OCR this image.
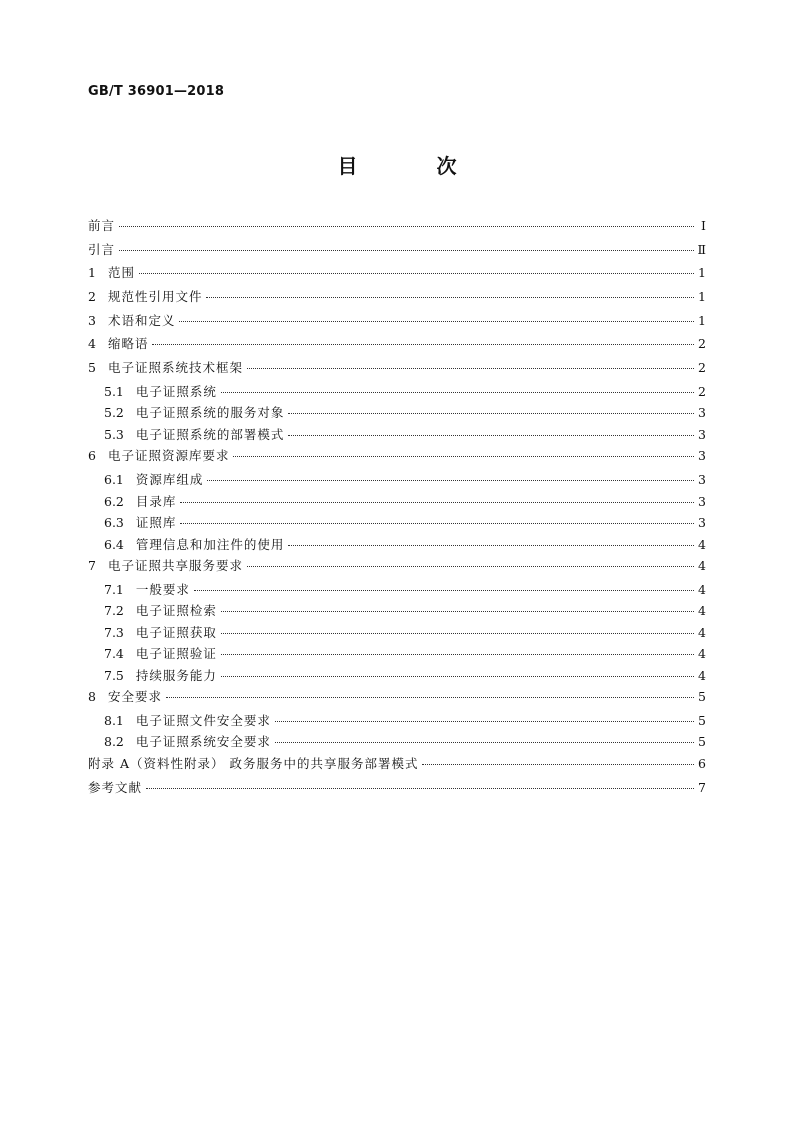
GB/T 36901—2018
目 次
前言	Ⅰ
引言	Ⅱ
1 范围	1
2 规范性引用文件	1
3 术语和定义	1
4 缩略语	2
5 电子证照系统技术框架	2
5.1 电子证照系统	2
5.2 电子证照系统的服务对象	3
5.3 电子证照系统的部署模式	3
6 电子证照资源库要求	3
6.1 资源库组成	3
6.2 目录库	3
6.3 证照库	3
6.4 管理信息和加注件的使用	4
7 电子证照共享服务要求	4
7.1 一般要求	4
7.2 电子证照检索	4
7.3 电子证照获取	4
7.4 电子证照验证	4
7.5 持续服务能力	4
8 安全要求	5
8.1 电子证照文件安全要求	5
8.2 电子证照系统安全要求	5
附录 A（资料性附录） 政务服务中的共享服务部署模式	6
参考文献	7
